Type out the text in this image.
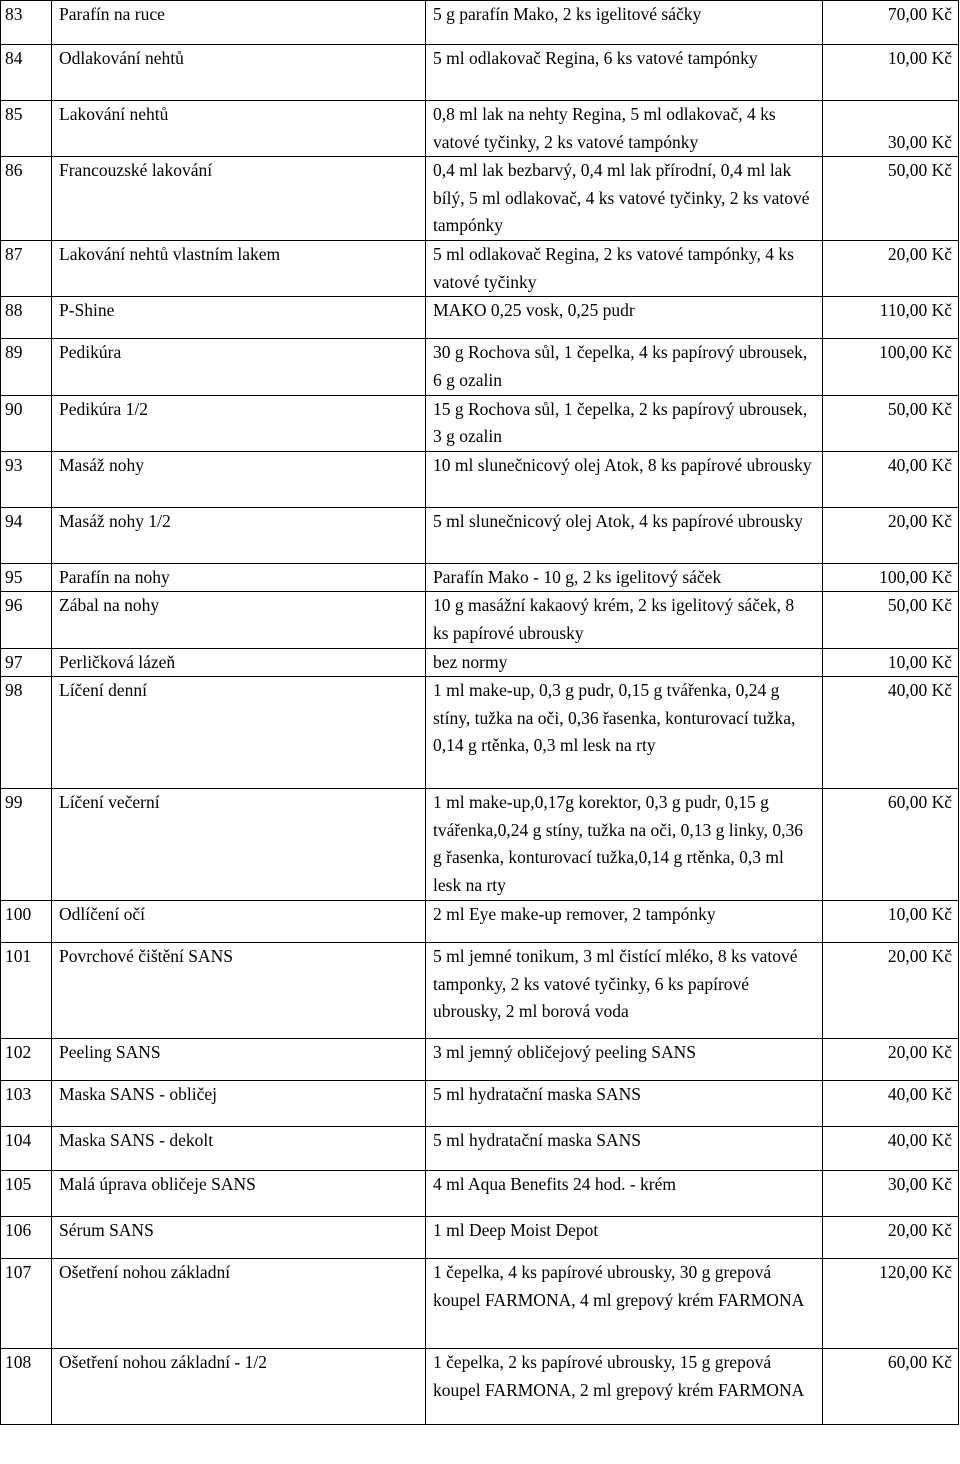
83	Parafín na ruce	5 g parafín Mako, 2 ks igelitové sáčky	70,00 Kč
84	Odlakování nehtů	5 ml odlakovač Regina, 6 ks vatové tampónky	10,00 Kč
85	Lakování nehtů	0,8 ml lak na nehty Regina, 5 ml odlakovač, 4 ks vatové tyčinky, 2 ks vatové tampónky	30,00 Kč
86	Francouzské lakování	0,4 ml lak bezbarvý, 0,4 ml lak přírodní, 0,4 ml lak bílý, 5 ml odlakovač, 4 ks vatové tyčinky, 2 ks vatové tampónky	50,00 Kč
87	Lakování nehtů vlastním lakem	5 ml odlakovač Regina, 2 ks vatové tampónky, 4 ks vatové tyčinky	20,00 Kč
88	P-Shine	MAKO 0,25 vosk, 0,25 pudr	110,00 Kč
89	Pedikúra	30 g Rochova sůl, 1 čepelka, 4 ks papírový ubrousek, 6 g ozalin	100,00 Kč
90	Pedikúra 1/2	15 g Rochova sůl, 1 čepelka, 2 ks papírový ubrousek, 3 g ozalin	50,00 Kč
93	Masáž nohy	10 ml slunečnicový olej Atok, 8 ks papírové ubrousky	40,00 Kč
94	Masáž nohy 1/2	5 ml slunečnicový olej Atok, 4 ks papírové ubrousky	20,00 Kč
95	Parafín na nohy	Parafín Mako - 10 g, 2 ks igelitový sáček	100,00 Kč
96	Zábal na nohy	10 g masážní kakaový krém, 2 ks igelitový sáček, 8 ks papírové ubrousky	50,00 Kč
97	Perličková lázeň	bez normy	10,00 Kč
98	Líčení denní	1 ml make-up, 0,3 g pudr, 0,15 g tvářenka, 0,24 g stíny, tužka na oči, 0,36 řasenka, konturovací tužka, 0,14 g rtěnka, 0,3 ml lesk na rty	40,00 Kč
99	Líčení večerní	1 ml make-up,0,17g korektor, 0,3 g pudr, 0,15 g tvářenka,0,24 g stíny, tužka na oči, 0,13 g linky, 0,36 g řasenka, konturovací tužka,0,14 g rtěnka, 0,3 ml lesk na rty	60,00 Kč
100	Odlíčení očí	2 ml Eye make-up remover, 2 tampónky	10,00 Kč
101	Povrchové čištění SANS	5 ml jemné tonikum, 3 ml čistící mléko, 8 ks vatové tamponky, 2 ks vatové tyčinky, 6 ks papírové ubrousky, 2 ml borová voda	20,00 Kč
102	Peeling SANS	3 ml jemný obličejový peeling SANS	20,00 Kč
103	Maska SANS - obličej	5 ml hydratační maska SANS	40,00 Kč
104	Maska SANS - dekolt	5 ml hydratační maska SANS	40,00 Kč
105	Malá úprava obličeje SANS	4 ml Aqua Benefits 24 hod. - krém	30,00 Kč
106	Sérum SANS	1 ml Deep Moist Depot	20,00 Kč
107	Ošetření nohou základní	1 čepelka, 4 ks papírové ubrousky, 30 g grepová koupel FARMONA, 4 ml grepový krém FARMONA	120,00 Kč
108	Ošetření nohou základní - 1/2	1 čepelka, 2 ks papírové ubrousky, 15 g grepová koupel FARMONA, 2 ml grepový krém FARMONA	60,00 Kč
